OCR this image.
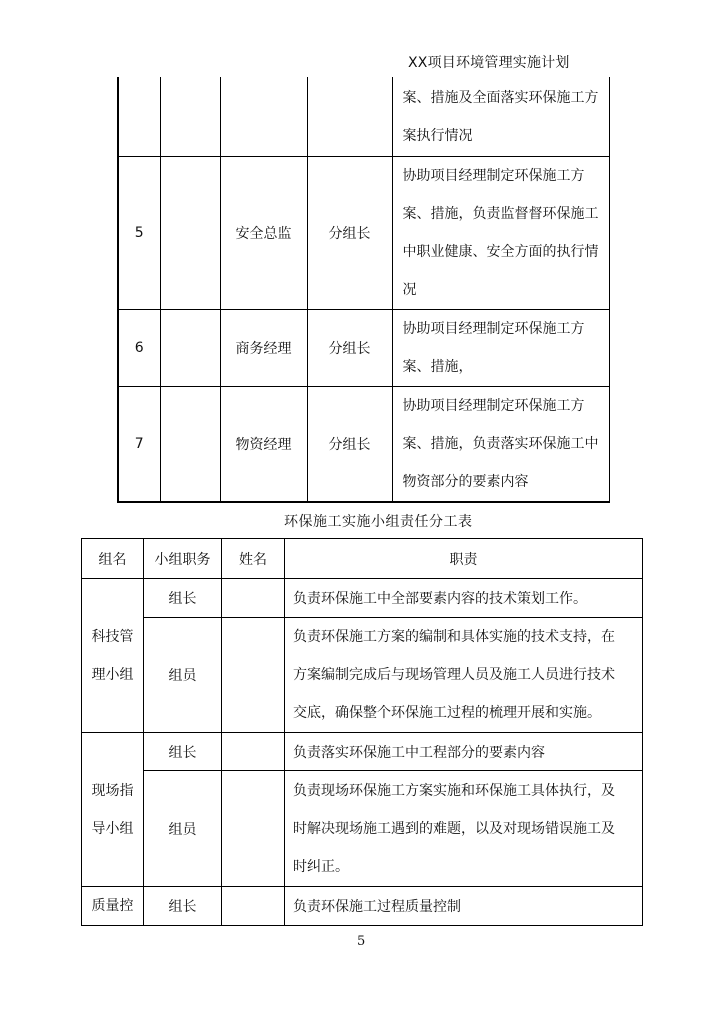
XX项目环境管理实施计划

				案、措施及全面落实环保施工方
案执行情况

5		安全总监	分组长	协助项目经理制定环保施工方
案、措施，负责监督督环保施工
中职业健康、安全方面的执行情
况

6		商务经理	分组长	协助项目经理制定环保施工方
案、措施，

7		物资经理	分组长	协助项目经理制定环保施工方
案、措施，负责落实环保施工中
物资部分的要素内容
环保施工实施小组责任分工表
组名	小组职务	姓名	职责

科技管
理小组	组长		负责环保施工中全部要素内容的技术策划工作。

	组员		负责环保施工方案的编制和具体实施的技术支持，在
方案编制完成后与现场管理人员及施工人员进行技术
交底，确保整个环保施工过程的梳理开展和实施。

现场指
导小组	组长		负责落实环保施工中工程部分的要素内容

	组员		负责现场环保施工方案实施和环保施工具体执行，及
时解决现场施工遇到的难题，以及对现场错误施工及
时纠正。

质量控	组长		负责环保施工过程质量控制
5
